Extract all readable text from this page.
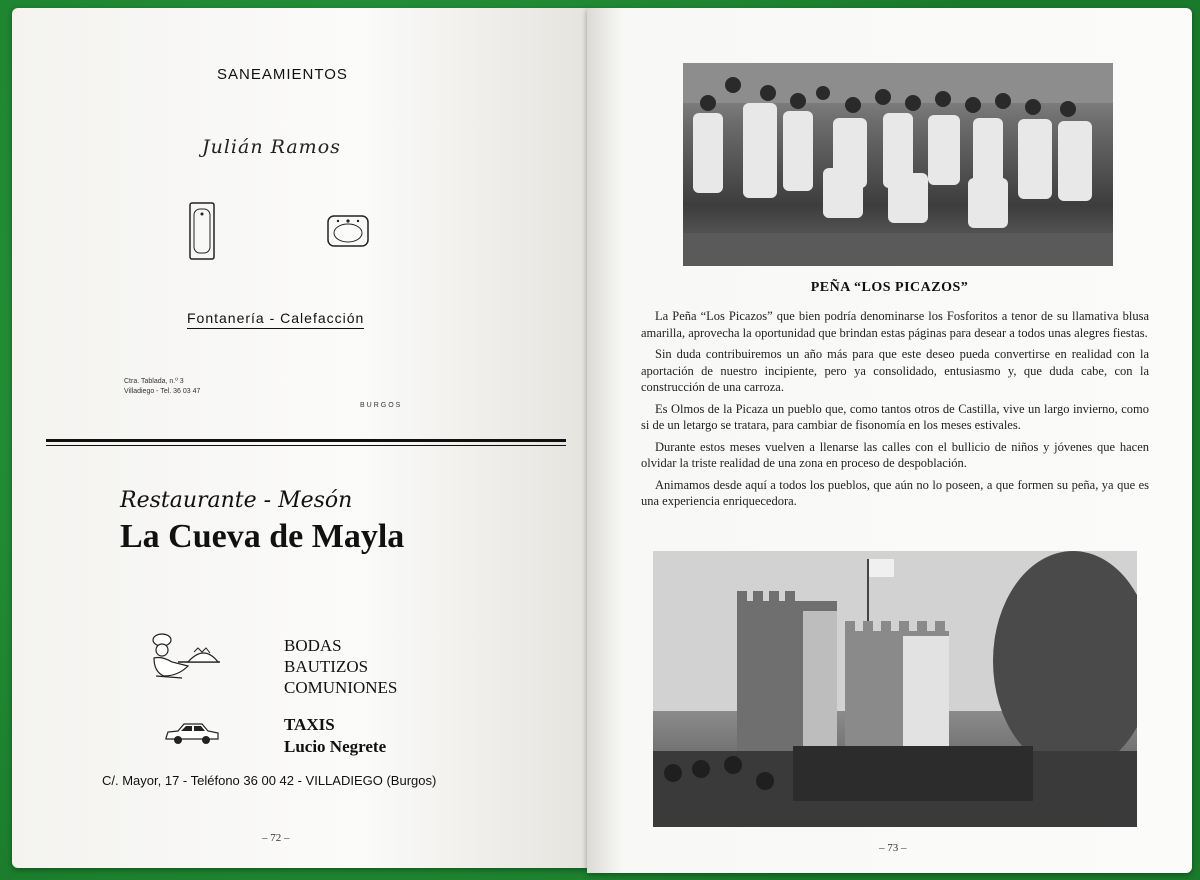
SANEAMIENTOS
Julián Ramos
Fontanería - Calefacción
Ctra. Tablada, n.º 3
Villadiego - Tel. 36 03 47
BURGOS
Restaurante - Mesón
La Cueva de Mayla
BODAS
BAUTIZOS
COMUNIONES
TAXIS
Lucio Negrete
C/. Mayor, 17 - Teléfono 36 00 42 - VILLADIEGO (Burgos)
– 72 –
PEÑA “LOS PICAZOS”

La Peña “Los Picazos” que bien podría denominarse los Fosforitos a tenor de su llamativa blusa amarilla, aprovecha la oportunidad que brindan estas páginas para desear a todos unas alegres fiestas.

Sin duda contribuiremos un año más para que este deseo pueda convertirse en realidad con la aportación de nuestro incipiente, pero ya consolidado, entusiasmo y, que duda cabe, con la construcción de una carroza.

Es Olmos de la Picaza un pueblo que, como tantos otros de Castilla, vive un largo invierno, como si de un letargo se tratara, para cambiar de fisonomía en los meses estivales.

Durante estos meses vuelven a llenarse las calles con el bullicio de niños y jóvenes que hacen olvidar la triste realidad de una zona en proceso de despoblación.

Animamos desde aquí a todos los pueblos, que aún no lo poseen, a que formen su peña, ya que es una experiencia enriquecedora.

– 73 –
